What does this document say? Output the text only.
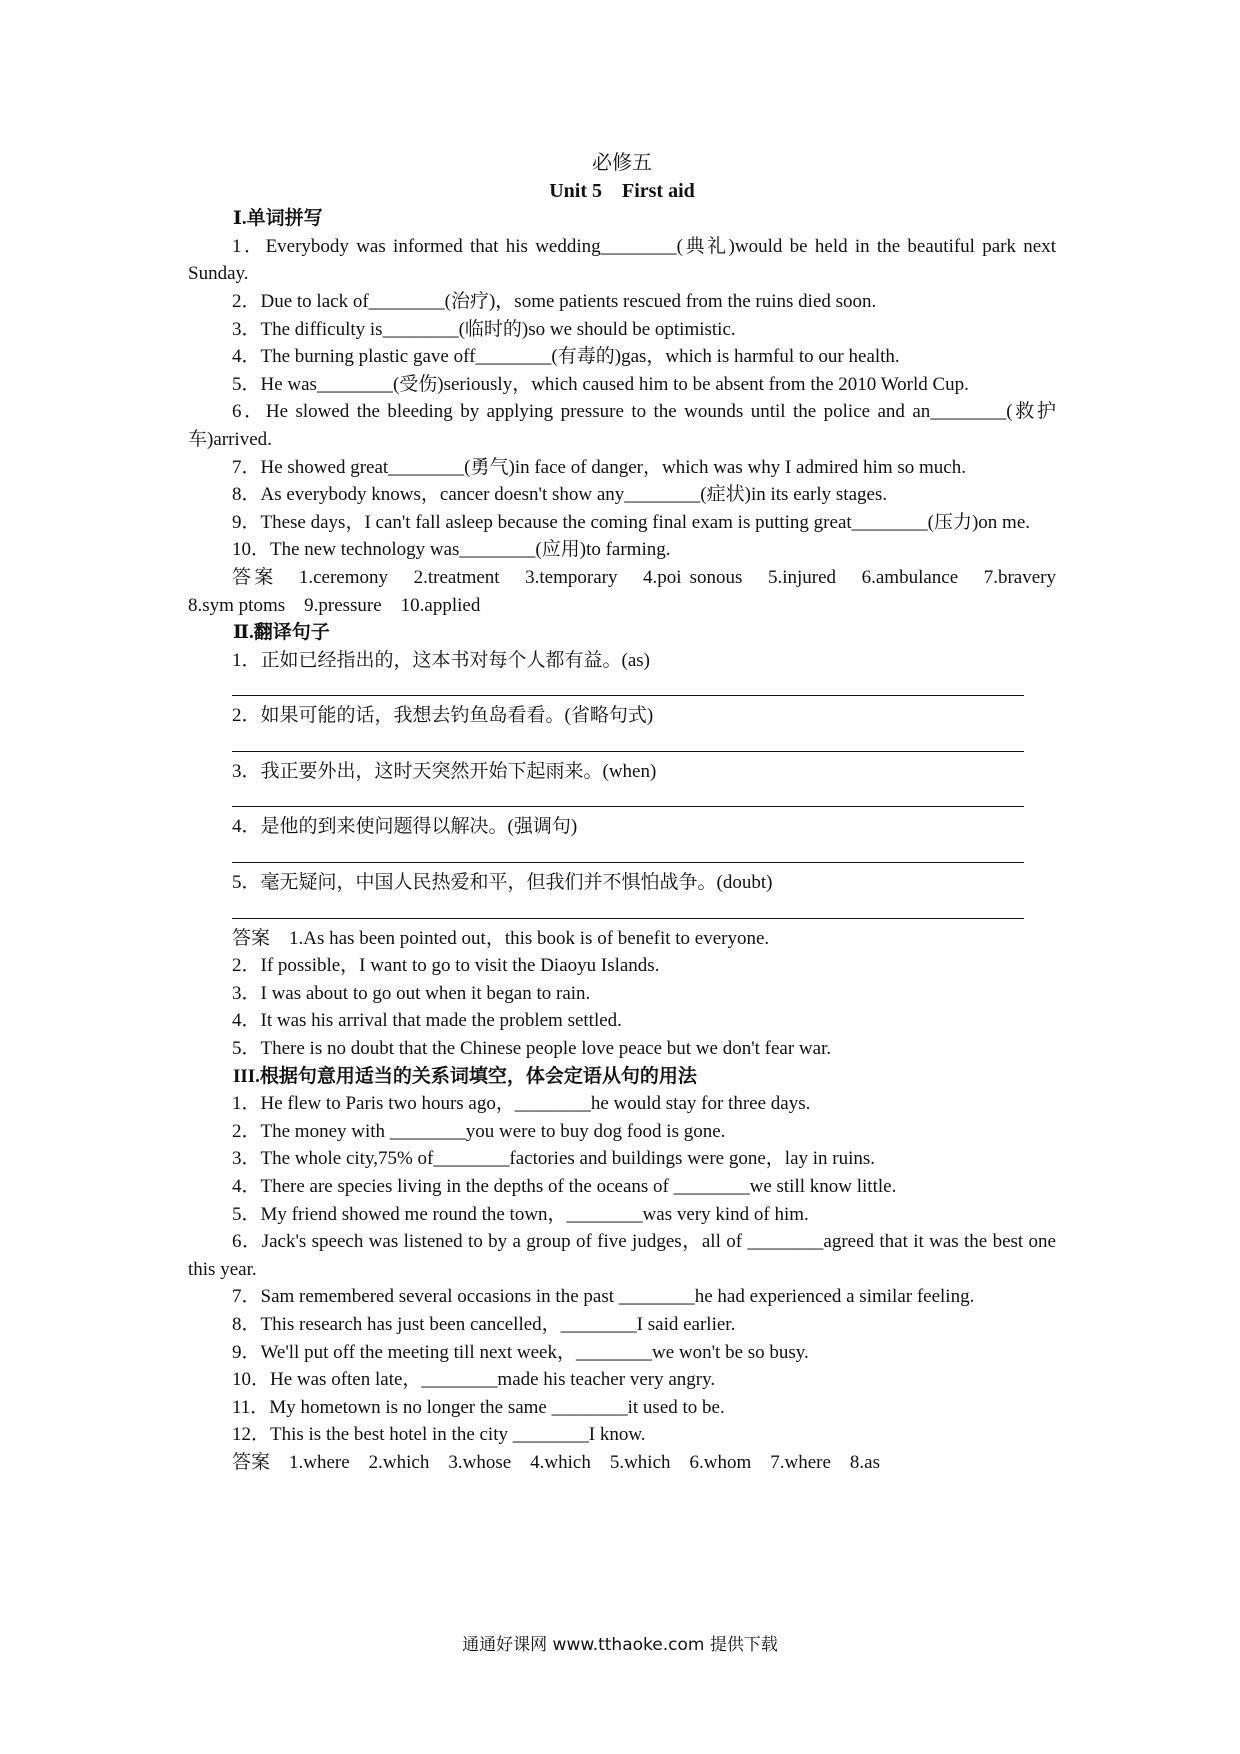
必修五
Unit 5　First aid
Ⅰ.单词拼写
1．Everybody was informed that his wedding________(典礼)would be held in the beautiful park next Sunday.
2．Due to lack of________(治疗)，some patients rescued from the ruins died soon.
3．The difficulty is________(临时的)so we should be optimistic.
4．The burning plastic gave off________(有毒的)gas，which is harmful to our health.
5．He was________(受伤)seriously，which caused him to be absent from the 2010 World Cup.
6．He slowed the bleeding by applying pressure to the wounds until the police and an________(救护车)arrived.
7．He showed great________(勇气)in face of danger，which was why I admired him so much.
8．As everybody knows，cancer doesn't show any________(症状)in its early stages.
9．These days，I can't fall asleep because the coming final exam is putting great________(压力)on me.
10．The new technology was________(应用)to farming.
答案　1.ceremony　2.treatment　3.temporary　4.poi sonous　5.injured　6.ambulance　7.bravery　8.sym ptoms　9.pressure　10.applied
Ⅱ.翻译句子
1．正如已经指出的，这本书对每个人都有益。(as)
2．如果可能的话，我想去钓鱼岛看看。(省略句式)
3．我正要外出，这时天突然开始下起雨来。(when)
4．是他的到来使问题得以解决。(强调句)
5．毫无疑问，中国人民热爱和平，但我们并不惧怕战争。(doubt)
答案　1.As has been pointed out，this book is of benefit to everyone.
2．If possible，I want to go to visit the Diaoyu Islands.
3．I was about to go out when it began to rain.
4．It was his arrival that made the problem settled.
5．There is no doubt that the Chinese people love peace but we don't fear war.
III.根据句意用适当的关系词填空，体会定语从句的用法
1．He flew to Paris two hours ago，________he would stay for three days.
2．The money with ________you were to buy dog food is gone.
3．The whole city,75% of________factories and buildings were gone，lay in ruins.
4．There are species living in the depths of the oceans of ________we still know little.
5．My friend showed me round the town，________was very kind of him.
6．Jack's speech was listened to by a group of five judges，all of ________agreed that it was the best one this year.
7．Sam remembered several occasions in the past ________he had experienced a similar feeling.
8．This research has just been cancelled，________I said earlier.
9．We'll put off the meeting till next week，________we won't be so busy.
10．He was often late，________made his teacher very angry.
11．My hometown is no longer the same ________it used to be.
12．This is the best hotel in the city ________I know.
答案　1.where　2.which　3.whose　4.which　5.which　6.whom　7.where　8.as
通通好课网 www.tthaoke.com 提供下载
